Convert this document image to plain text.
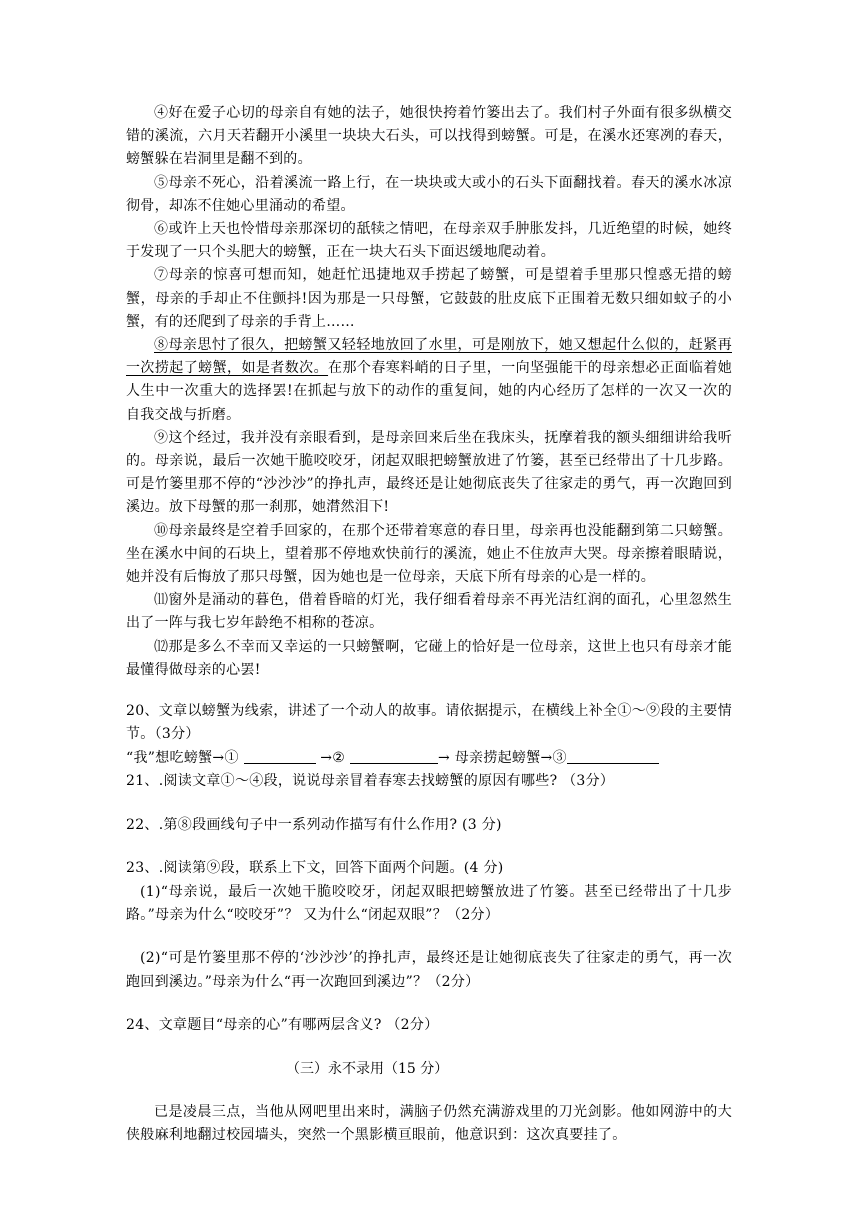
④好在爱子心切的母亲自有她的法子，她很快挎着竹篓出去了。我们村子外面有很多纵横交错的溪流，六月天若翻开小溪里一块块大石头，可以找得到螃蟹。可是，在溪水还寒冽的春天，螃蟹躲在岩洞里是翻不到的。

⑤母亲不死心，沿着溪流一路上行，在一块块或大或小的石头下面翻找着。春天的溪水冰凉彻骨，却冻不住她心里涌动的希望。

⑥或许上天也怜惜母亲那深切的舐犊之情吧，在母亲双手肿胀发抖，几近绝望的时候，她终于发现了一只个头肥大的螃蟹，正在一块大石头下面迟缓地爬动着。

⑦母亲的惊喜可想而知，她赶忙迅捷地双手捞起了螃蟹，可是望着手里那只惶惑无措的螃蟹，母亲的手却止不住颤抖!因为那是一只母蟹，它鼓鼓的肚皮底下正围着无数只细如蚊子的小蟹，有的还爬到了母亲的手背上……

⑧母亲思忖了很久，把螃蟹又轻轻地放回了水里，可是刚放下，她又想起什么似的，赶紧再一次捞起了螃蟹，如是者数次。在那个春寒料峭的日子里，一向坚强能干的母亲想必正面临着她人生中一次重大的选择罢!在抓起与放下的动作的重复间，她的内心经历了怎样的一次又一次的自我交战与折磨。

⑨这个经过，我并没有亲眼看到，是母亲回来后坐在我床头，抚摩着我的额头细细讲给我听的。母亲说，最后一次她干脆咬咬牙，闭起双眼把螃蟹放进了竹篓，甚至已经带出了十几步路。可是竹篓里那不停的“沙沙沙”的挣扎声，最终还是让她彻底丧失了往家走的勇气，再一次跑回到溪边。放下母蟹的那一刹那，她潸然泪下!

⑩母亲最终是空着手回家的，在那个还带着寒意的春日里，母亲再也没能翻到第二只螃蟹。坐在溪水中间的石块上，望着那不停地欢快前行的溪流，她止不住放声大哭。母亲擦着眼睛说，她并没有后悔放了那只母蟹，因为她也是一位母亲，天底下所有母亲的心是一样的。

⑾窗外是涌动的暮色，借着昏暗的灯光，我仔细看着母亲不再光洁红润的面孔，心里忽然生出了一阵与我七岁年龄绝不相称的苍凉。

⑿那是多么不幸而又幸运的一只螃蟹啊，它碰上的恰好是一位母亲，这世上也只有母亲才能最懂得做母亲的心罢!

20、文章以螃蟹为线索，讲述了一个动人的故事。请依据提示，在横线上补全①～⑨段的主要情节。（3分）

“我”想吃螃蟹→①	→②	→ 母亲捞起螃蟹→③

21、.阅读文章①～④段，说说母亲冒着春寒去找螃蟹的原因有哪些? （3分）

22、.第⑧段画线句子中一系列动作描写有什么作用? (3 分)

23、.阅读第⑨段，联系上下文，回答下面两个问题。(4 分)

(1)“母亲说，最后一次她干脆咬咬牙，闭起双眼把螃蟹放进了竹篓。甚至已经带出了十几步路。”母亲为什么“咬咬牙”？ 又为什么“闭起双眼”？（2分）

(2)“可是竹篓里那不停的‘沙沙沙’的挣扎声，最终还是让她彻底丧失了往家走的勇气，再一次跑回到溪边。”母亲为什么“再一次跑回到溪边”？（2分）

24、文章题目“母亲的心”有哪两层含义? （2分）

（三）永不录用（15 分）

已是凌晨三点，当他从网吧里出来时，满脑子仍然充满游戏里的刀光剑影。他如网游中的大侠般麻利地翻过校园墙头，突然一个黑影横亘眼前，他意识到：这次真要挂了。
